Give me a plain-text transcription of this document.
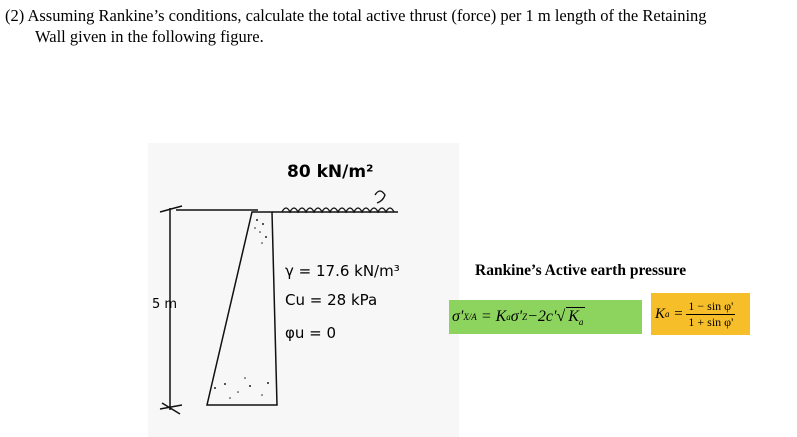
(2) Assuming Rankine’s conditions, calculate the total active thrust (force) per 1 m length of the Retaining
Wall given in the following figure.
80 kN/m²
5 m
γ = 17.6 kN/m³
Cu = 28 kPa
φu = 0
Rankine’s Active earth pressure
σ' X/A = K a σ' Z −2c' √ $K_a$
K $a = \frac{\text{1 − sin φ'}}{\text{1 + sin φ'}}$
